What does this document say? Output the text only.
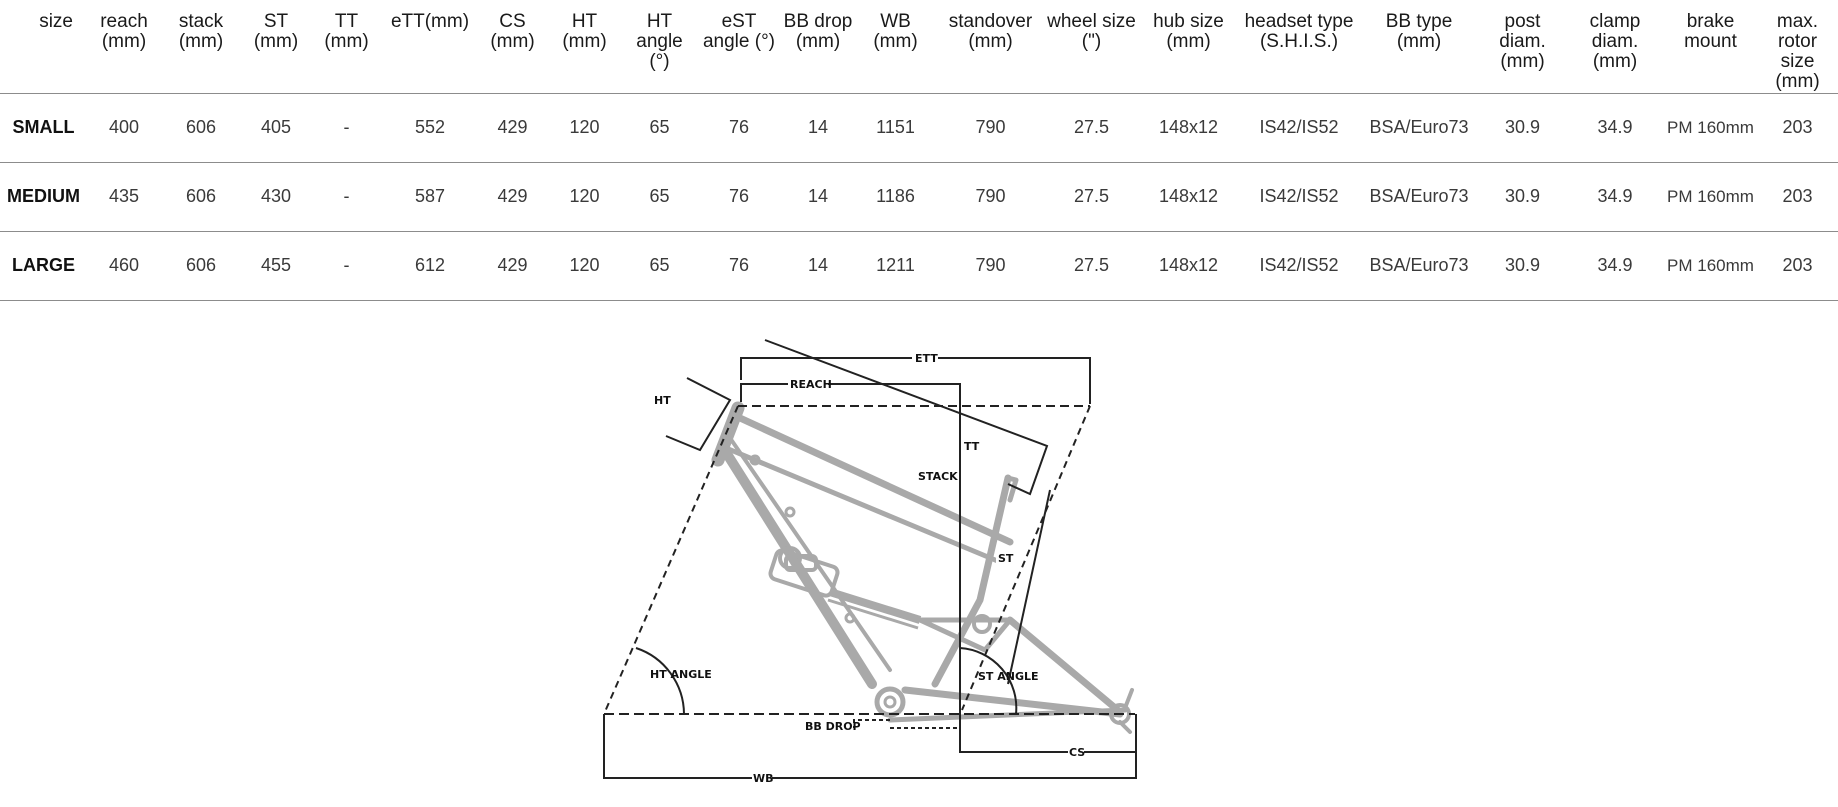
size	reach (mm)	stack (mm)	ST (mm)	TT (mm)	eTT(mm)	CS (mm)	HT (mm)	HT angle (°)	eST angle (°)	BB drop (mm)	WB (mm)	standover (mm)	wheel size (")	hub size (mm)	headset type (S.H.I.S.)	BB type (mm)	post diam. (mm)	clamp diam. (mm)	brake mount	max. rotor size (mm)
SMALL	400	606	405	-	552	429	120	65	76	14	1151	790	27.5	148x12	IS42/IS52	BSA/Euro73	30.9	34.9	PM 160mm	203
MEDIUM	435	606	430	-	587	429	120	65	76	14	1186	790	27.5	148x12	IS42/IS52	BSA/Euro73	30.9	34.9	PM 160mm	203
LARGE	460	606	455	-	612	429	120	65	76	14	1211	790	27.5	148x12	IS42/IS52	BSA/Euro73	30.9	34.9	PM 160mm	203
ETT
REACH
HT
TT
STACK
ST
HT ANGLE	ST ANGLE
BB DROP
CS
WB
